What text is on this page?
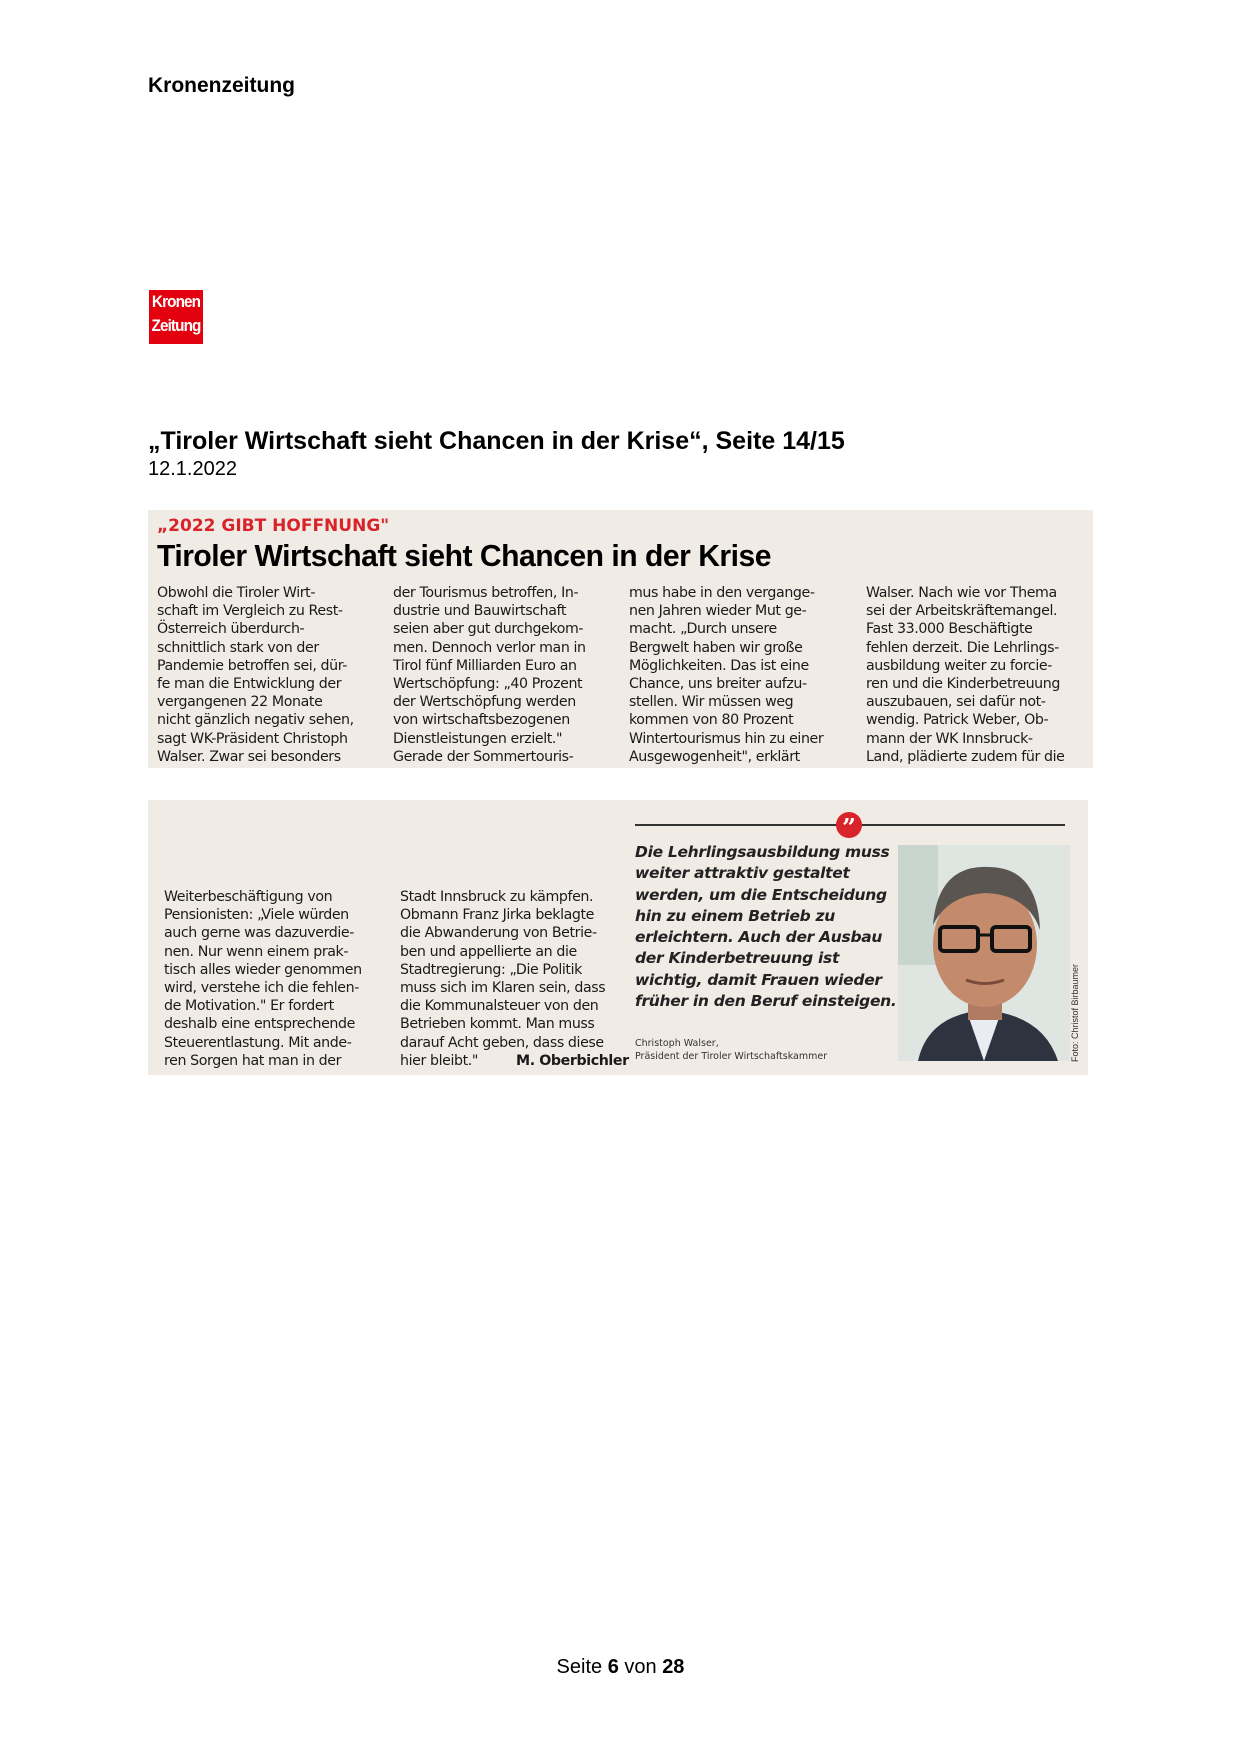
Kronenzeitung
Kronen
Zeitung
„Tiroler Wirtschaft sieht Chancen in der Krise“, Seite 14/15
12.1.2022
„2022 GIBT HOFFNUNG"
Tiroler Wirtschaft sieht Chancen in der Krise
Obwohl die Tiroler Wirt-
schaft im Vergleich zu Rest-
Österreich überdurch-
schnittlich stark von der
Pandemie betroffen sei, dür-
fe man die Entwicklung der
vergangenen 22 Monate
nicht gänzlich negativ sehen,
sagt WK-Präsident Christoph
Walser. Zwar sei besonders
der Tourismus betroffen, In-
dustrie und Bauwirtschaft
seien aber gut durchgekom-
men. Dennoch verlor man in
Tirol fünf Milliarden Euro an
Wertschöpfung: „40 Prozent
der Wertschöpfung werden
von wirtschaftsbezogenen
Dienstleistungen erzielt."
Gerade der Sommertouris-
mus habe in den vergange-
nen Jahren wieder Mut ge-
macht. „Durch unsere
Bergwelt haben wir große
Möglichkeiten. Das ist eine
Chance, uns breiter aufzu-
stellen. Wir müssen weg
kommen von 80 Prozent
Wintertourismus hin zu einer
Ausgewogenheit", erklärt
Walser. Nach wie vor Thema
sei der Arbeitskräftemangel.
Fast 33.000 Beschäftigte
fehlen derzeit. Die Lehrlings-
ausbildung weiter zu forcie-
ren und die Kinderbetreuung
auszubauen, sei dafür not-
wendig. Patrick Weber, Ob-
mann der WK Innsbruck-
Land, plädierte zudem für die
Weiterbeschäftigung von
Pensionisten: „Viele würden
auch gerne was dazuverdie-
nen. Nur wenn einem prak-
tisch alles wieder genommen
wird, verstehe ich die fehlen-
de Motivation." Er fordert
deshalb eine entsprechende
Steuerentlastung. Mit ande-
ren Sorgen hat man in der
Stadt Innsbruck zu kämpfen.
Obmann Franz Jirka beklagte
die Abwanderung von Betrie-
ben und appellierte an die
Stadtregierung: „Die Politik
muss sich im Klaren sein, dass
die Kommunalsteuer von den
Betrieben kommt. Man muss
darauf Acht geben, dass diese
hier bleibt."	M. Oberbichler
”
Die Lehrlingsausbildung muss
weiter attraktiv gestaltet
werden, um die Entscheidung
hin zu einem Betrieb zu
erleichtern. Auch der Ausbau
der Kinderbetreuung ist
wichtig, damit Frauen wieder
früher in den Beruf einsteigen.
Christoph Walser,
Präsident der Tiroler Wirtschaftskammer	Foto: Christof Birbaumer
Seite 6 von 28
